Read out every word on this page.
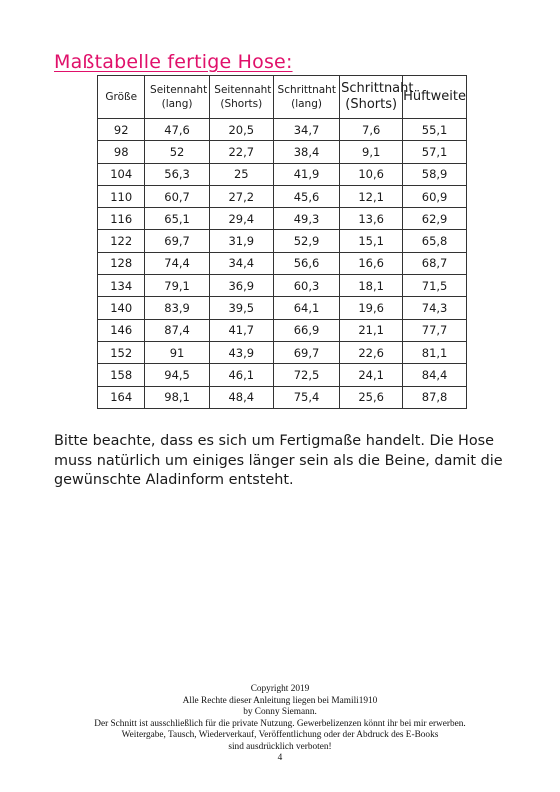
Maßtabelle fertige Hose:
Größe	Seitennaht (lang)	Seitennaht (Shorts)	Schrittnaht (lang)	Schrittnaht (Shorts)	Hüftweite
92	47,6	20,5	34,7	7,6	55,1
98	52	22,7	38,4	9,1	57,1
104	56,3	25	41,9	10,6	58,9
110	60,7	27,2	45,6	12,1	60,9
116	65,1	29,4	49,3	13,6	62,9
122	69,7	31,9	52,9	15,1	65,8
128	74,4	34,4	56,6	16,6	68,7
134	79,1	36,9	60,3	18,1	71,5
140	83,9	39,5	64,1	19,6	74,3
146	87,4	41,7	66,9	21,1	77,7
152	91	43,9	69,7	22,6	81,1
158	94,5	46,1	72,5	24,1	84,4
164	98,1	48,4	75,4	25,6	87,8
Bitte beachte, dass es sich um Fertigmaße handelt. Die Hose muss natürlich um einiges länger sein als die Beine, damit die gewünschte Aladinform entsteht.
Copyright 2019
Alle Rechte dieser Anleitung liegen bei Mamili1910
by Conny Siemann.
Der Schnitt ist ausschließlich für die private Nutzung. Gewerbelizenzen könnt ihr bei mir erwerben.
Weitergabe, Tausch, Wiederverkauf, Veröffentlichung oder der Abdruck des E-Books
sind ausdrücklich verboten!
4
